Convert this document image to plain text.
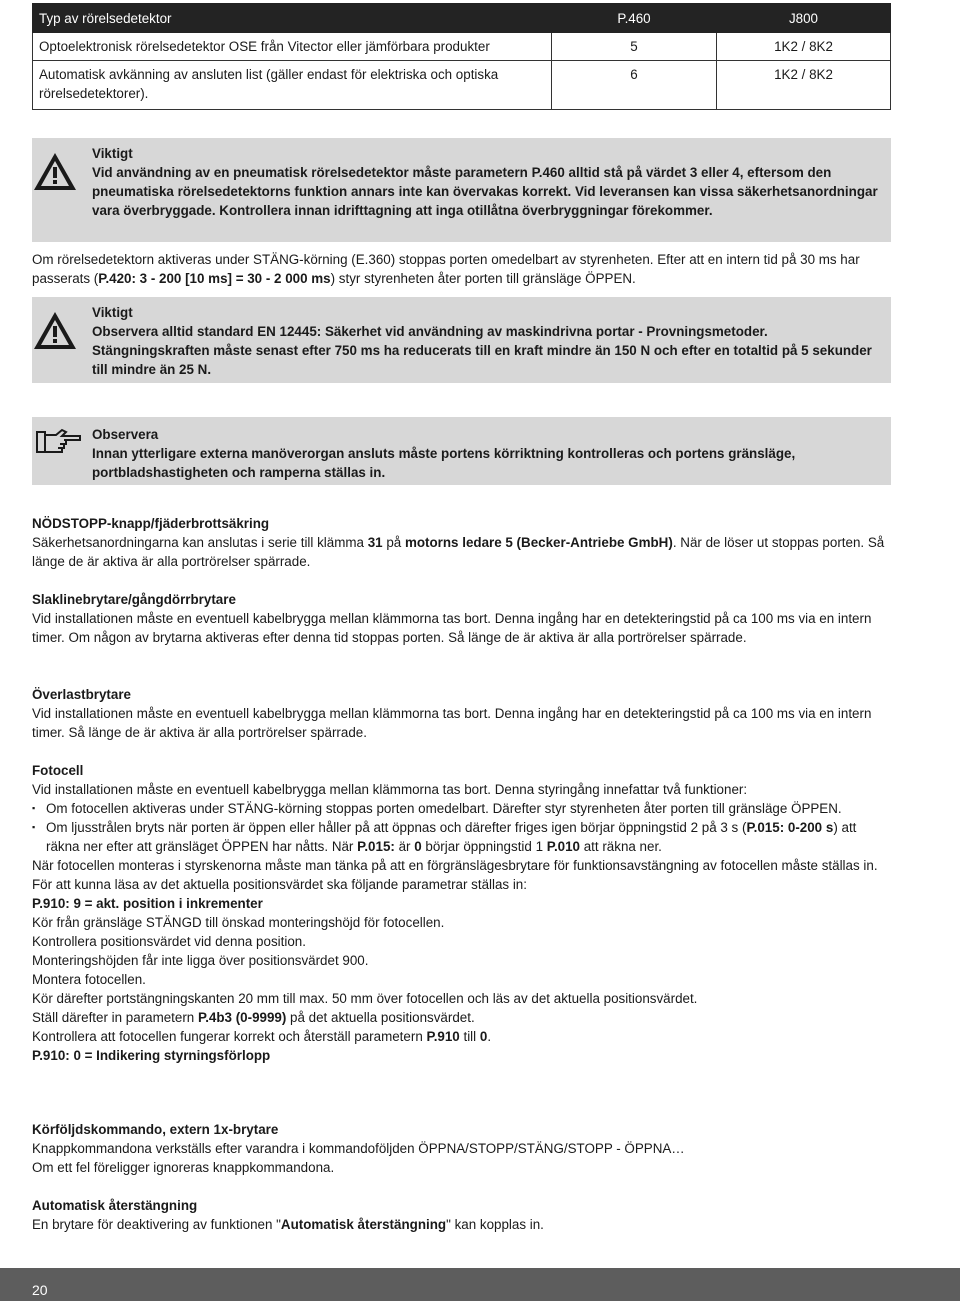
Typ av rörelsedetektor	P.460	J800
Optoelektronisk rörelsedetektor OSE från Vitector eller jämförbara produkter	5	1K2 / 8K2
Automatisk avkänning av ansluten list (gäller endast för elektriska och optiska rörelsedetektorer).	6	1K2 / 8K2
Viktigt
Vid användning av en pneumatisk rörelsedetektor måste parametern P.460 alltid stå på värdet 3 eller 4, eftersom den pneumatiska rörelsedetektorns funktion annars inte kan övervakas korrekt. Vid leveransen kan vissa säkerhetsanordningar vara överbryggade. Kontrollera innan idrifttagning att inga otillåtna överbryggningar förekommer.

Om rörelsedetektorn aktiveras under STÄNG-körning (E.360) stoppas porten omedelbart av styrenheten. Efter att en intern tid på 30 ms har passerats (P.420: 3 - 200 [10 ms] = 30 - 2 000 ms) styr styrenheten åter porten till gränsläge ÖPPEN.

Viktigt
Observera alltid standard EN 12445: Säkerhet vid användning av maskindrivna portar - Provningsmetoder. Stängningskraften måste senast efter 750 ms ha reducerats till en kraft mindre än 150 N och efter en totaltid på 5 sekunder till mindre än 25 N.
Observera
Innan ytterligare externa manöverorgan ansluts måste portens körriktning kontrolleras och portens gränsläge, portbladshastigheten och ramperna ställas in.

NÖDSTOPP-knapp/fjäderbrottsäkring

Säkerhetsanordningarna kan anslutas i serie till klämma 31 på motorns ledare 5 (Becker-Antriebe GmbH). När de löser ut stoppas porten. Så länge de är aktiva är alla portrörelser spärrade.

Slaklinebrytare/gångdörrbrytare

Vid installationen måste en eventuell kabelbrygga mellan klämmorna tas bort. Denna ingång har en detekteringstid på ca 100 ms via en intern timer. Om någon av brytarna aktiveras efter denna tid stoppas porten. Så länge de är aktiva är alla portrörelser spärrade.

Överlastbrytare

Vid installationen måste en eventuell kabelbrygga mellan klämmorna tas bort. Denna ingång har en detekteringstid på ca 100 ms via en intern timer. Så länge de är aktiva är alla portrörelser spärrade.

Fotocell

Vid installationen måste en eventuell kabelbrygga mellan klämmorna tas bort. Denna styringång innefattar två funktioner:

▪ Om fotocellen aktiveras under STÄNG-körning stoppas porten omedelbart. Därefter styr styrenheten åter porten till gränsläge ÖPPEN.
▪ Om ljusstrålen bryts när porten är öppen eller håller på att öppnas och därefter friges igen börjar öppningstid 2 på 3 s (P.015: 0-200 s) att räkna ner efter att gränsläget ÖPPEN har nåtts. När P.015: är 0 börjar öppningstid 1 P.010 att räkna ner.

När fotocellen monteras i styrskenorna måste man tänka på att en förgränslägesbrytare för funktionsavstängning av fotocellen måste ställas in.

För att kunna läsa av det aktuella positionsvärdet ska följande parametrar ställas in:

P.910: 9 = akt. position i inkrementer

Kör från gränsläge STÄNGD till önskad monteringshöjd för fotocellen.

Kontrollera positionsvärdet vid denna position.

Monteringshöjden får inte ligga över positionsvärdet 900.

Montera fotocellen.

Kör därefter portstängningskanten 20 mm till max. 50 mm över fotocellen och läs av det aktuella positionsvärdet.

Ställ därefter in parametern P.4b3 (0-9999) på det aktuella positionsvärdet.

Kontrollera att fotocellen fungerar korrekt och återställ parametern P.910 till 0.

P.910: 0 = Indikering styrningsförlopp

Körföljdskommando, extern 1x-brytare

Knappkommandona verkställs efter varandra i kommandoföljden ÖPPNA/STOPP/STÄNG/STOPP - ÖPPNA…

Om ett fel föreligger ignoreras knappkommandona.

Automatisk återstängning

En brytare för deaktivering av funktionen "Automatisk återstängning" kan kopplas in.

20
